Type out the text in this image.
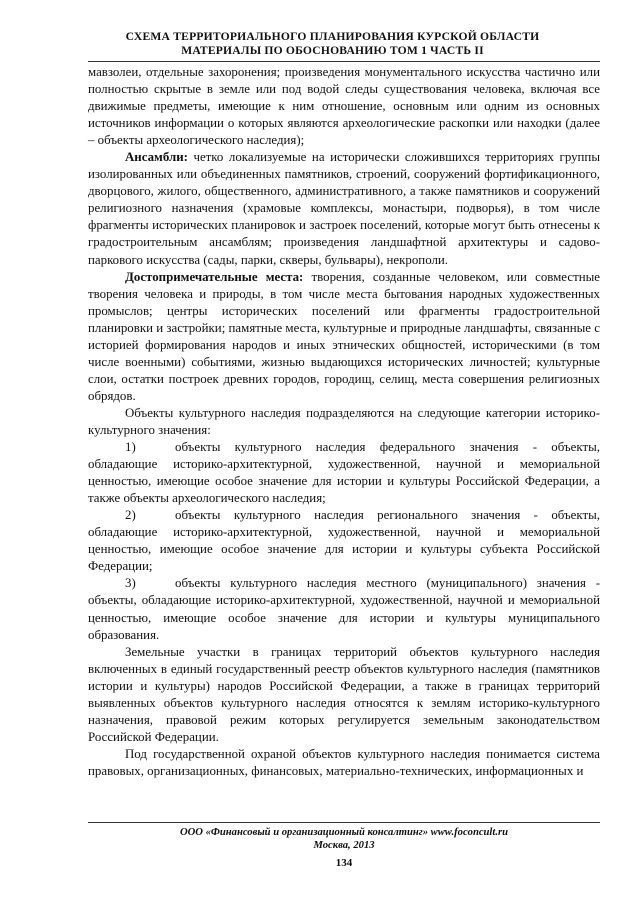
СХЕМА ТЕРРИТОРИАЛЬНОГО ПЛАНИРОВАНИЯ КУРСКОЙ ОБЛАСТИ
МАТЕРИАЛЫ ПО ОБОСНОВАНИЮ ТОМ 1 ЧАСТЬ II

мавзолеи, отдельные захоронения; произведения монументального искусства частично или полностью скрытые в земле или под водой следы существования человека, включая все движимые предметы, имеющие к ним отношение, основным или одним из основных источников информации о которых являются археологические раскопки или находки (далее – объекты археологического наследия);

Ансамбли: четко локализуемые на исторически сложившихся территориях группы изолированных или объединенных памятников, строений, сооружений фортификационного, дворцового, жилого, общественного, административного, а также памятников и сооружений религиозного назначения (храмовые комплексы, монастыри, подворья), в том числе фрагменты исторических планировок и застроек поселений, которые могут быть отнесены к градостроительным ансамблям; произведения ландшафтной архитектуры и садово-паркового искусства (сады, парки, скверы, бульвары), некрополи.

Достопримечательные места: творения, созданные человеком, или совместные творения человека и природы, в том числе места бытования народных художественных промыслов; центры исторических поселений или фрагменты градостроительной планировки и застройки; памятные места, культурные и природные ландшафты, связанные с историей формирования народов и иных этнических общностей, историческими (в том числе военными) событиями, жизнью выдающихся исторических личностей; культурные слои, остатки построек древних городов, городищ, селищ, места совершения религиозных обрядов.

Объекты культурного наследия подразделяются на следующие категории историко-культурного значения:

1)	объекты культурного наследия федерального значения - объекты, обладающие историко-архитектурной, художественной, научной и мемориальной ценностью, имеющие особое значение для истории и культуры Российской Федерации, а также объекты археологического наследия;

2)	объекты культурного наследия регионального значения - объекты, обладающие историко-архитектурной, художественной, научной и мемориальной ценностью, имеющие особое значение для истории и культуры субъекта Российской Федерации;

3)	объекты культурного наследия местного (муниципального) значения - объекты, обладающие историко-архитектурной, художественной, научной и мемориальной ценностью, имеющие особое значение для истории и культуры муниципального образования.

Земельные участки в границах территорий объектов культурного наследия включенных в единый государственный реестр объектов культурного наследия (памятников истории и культуры) народов Российской Федерации, а также в границах территорий выявленных объектов культурного наследия относятся к землям историко-культурного назначения, правовой режим которых регулируется земельным законодательством Российской Федерации.

Под государственной охраной объектов культурного наследия понимается система правовых, организационных, финансовых, материально-технических, информационных и

ООО «Финансовый и организационный консалтинг» www.foconcult.ru
Москва, 2013
134
